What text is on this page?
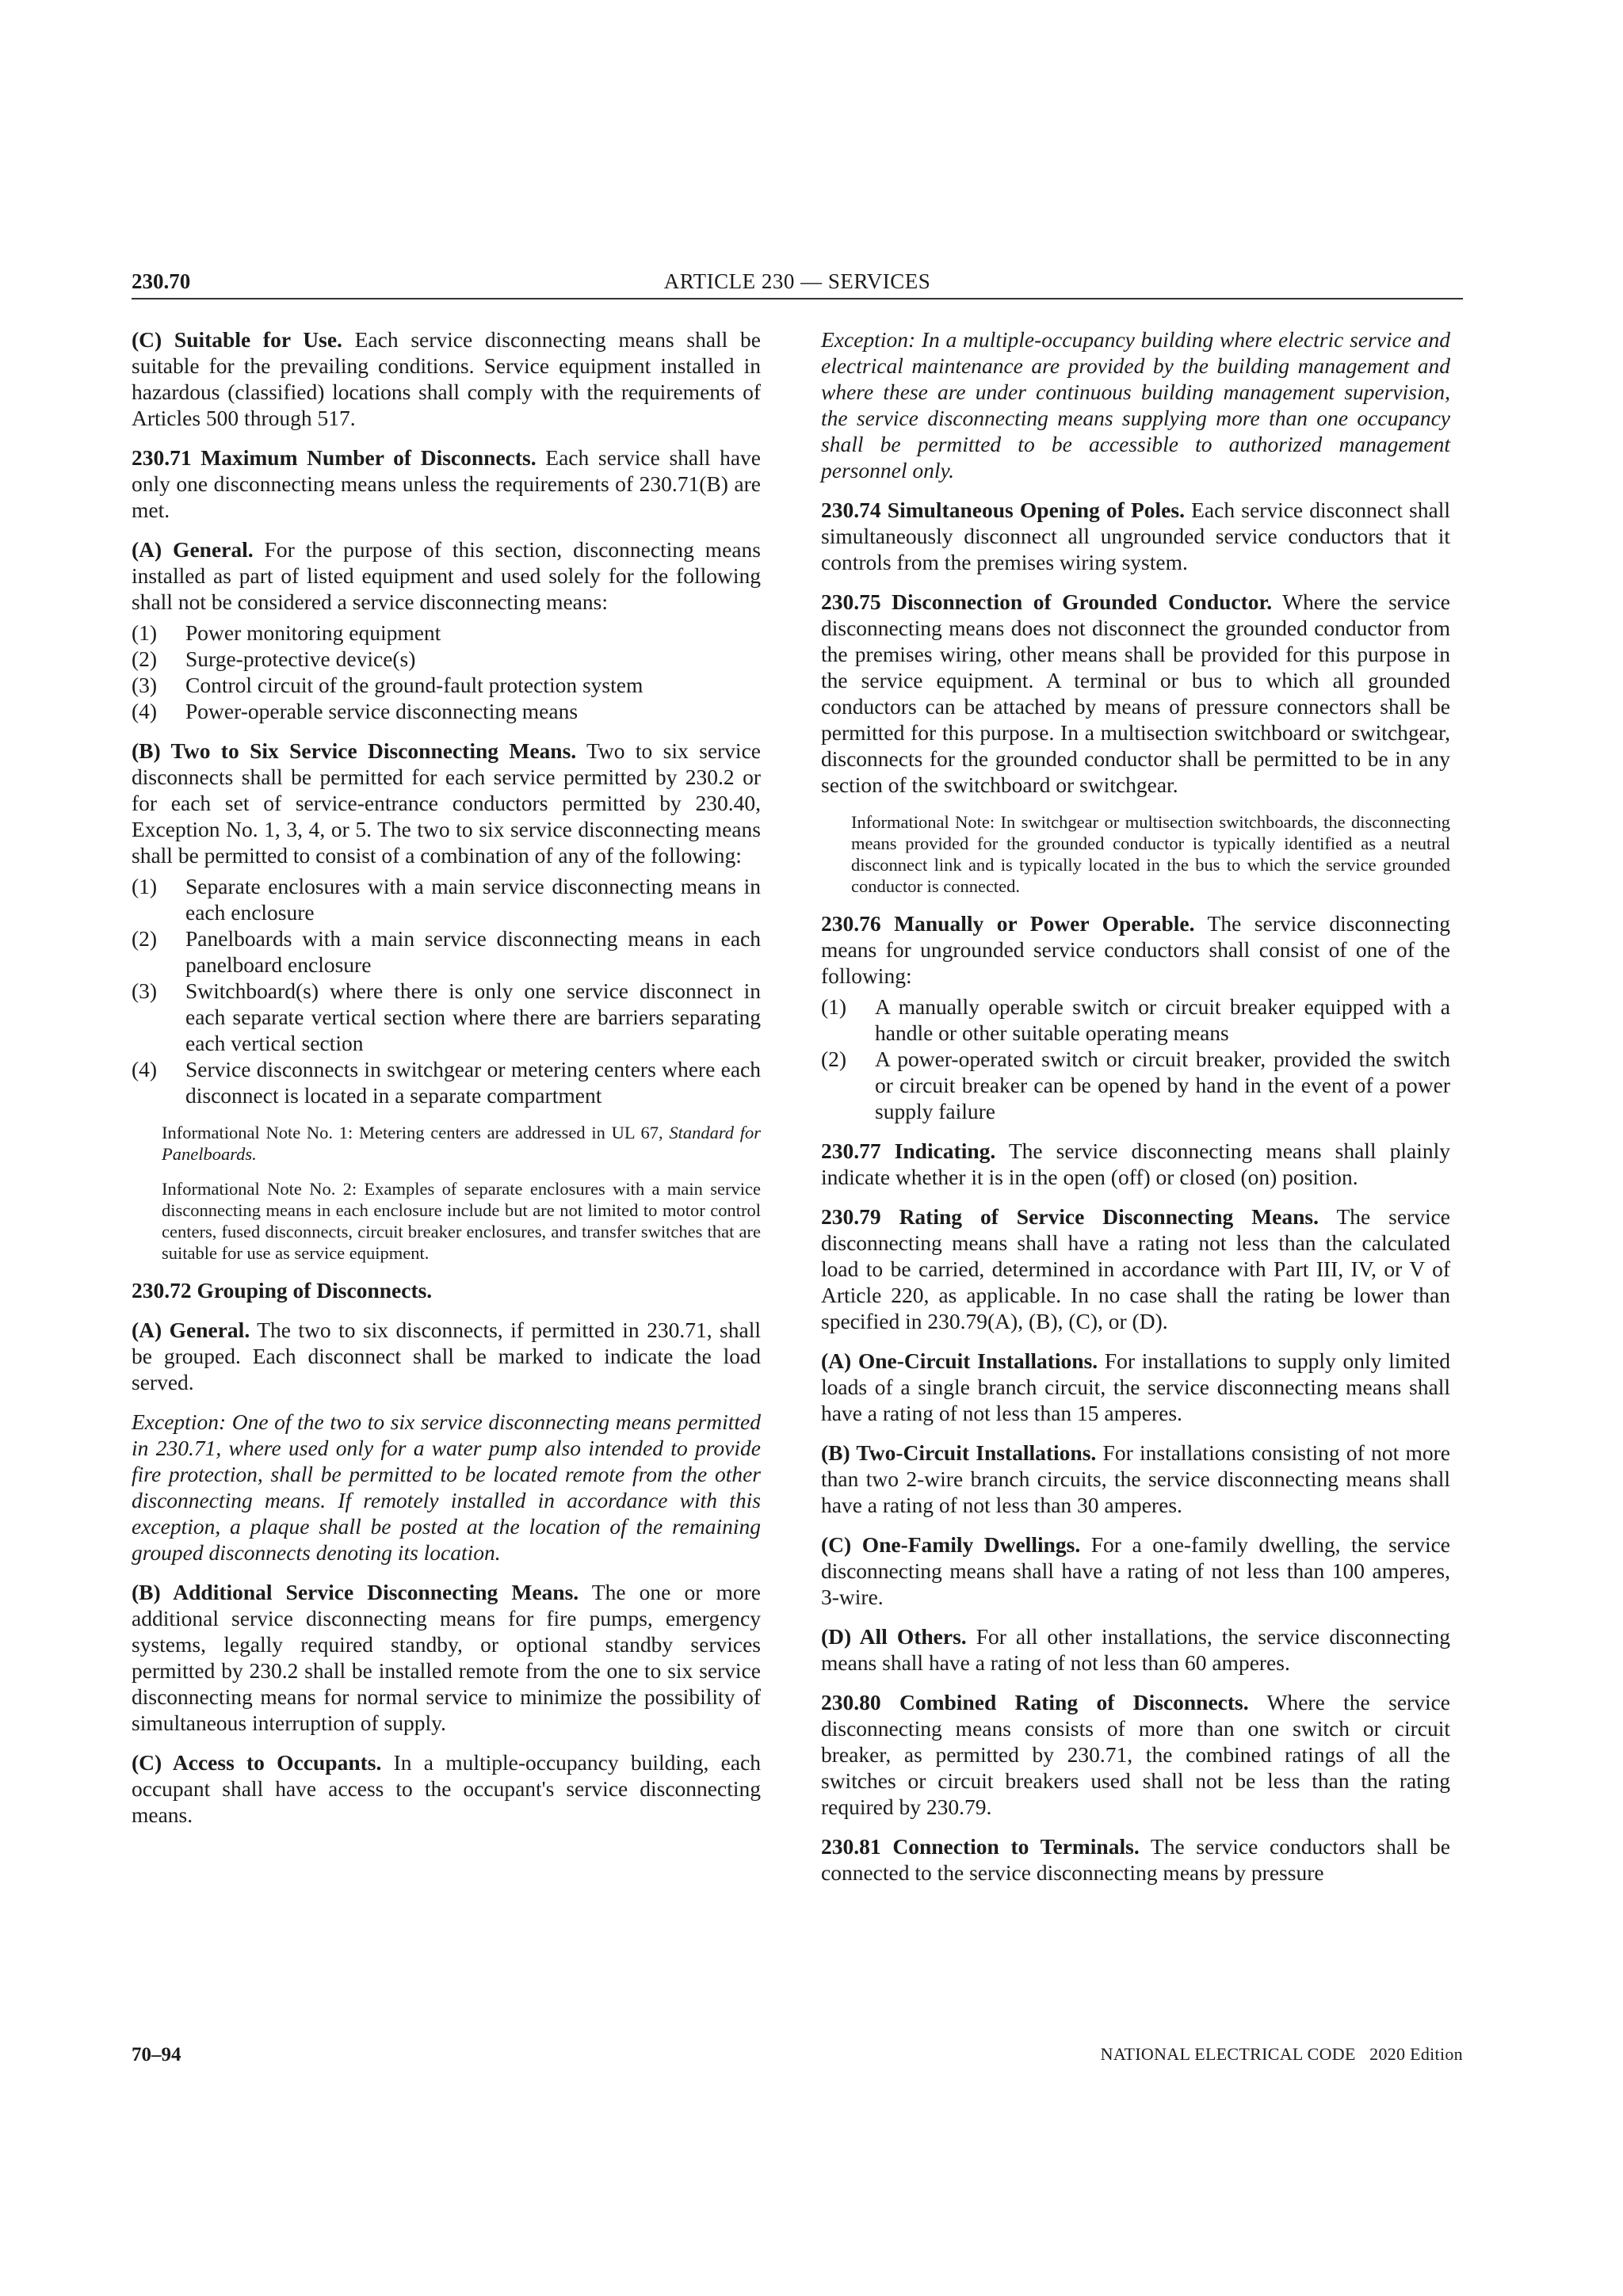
230.70	ARTICLE 230 — SERVICES

(C) Suitable for Use. Each service disconnecting means shall be suitable for the prevailing conditions. Service equipment installed in hazardous (classified) locations shall comply with the requirements of Articles 500 through 517.

230.71 Maximum Number of Disconnects. Each service shall have only one disconnecting means unless the requirements of 230.71(B) are met.

(A) General. For the purpose of this section, disconnecting means installed as part of listed equipment and used solely for the following shall not be considered a service disconnecting means:

(1)	Power monitoring equipment
(2)	Surge-protective device(s)
(3)	Control circuit of the ground-fault protection system
(4)	Power-operable service disconnecting means

(B) Two to Six Service Disconnecting Means. Two to six service disconnects shall be permitted for each service permitted by 230.2 or for each set of service-entrance conductors permitted by 230.40, Exception No. 1, 3, 4, or 5. The two to six service disconnecting means shall be permitted to consist of a combination of any of the following:

(1)	Separate enclosures with a main service disconnecting means in each enclosure
(2)	Panelboards with a main service disconnecting means in each panelboard enclosure
(3)	Switchboard(s) where there is only one service disconnect in each separate vertical section where there are barriers separating each vertical section
(4)	Service disconnects in switchgear or metering centers where each disconnect is located in a separate compartment

Informational Note No. 1: Metering centers are addressed in UL 67, Standard for Panelboards.

Informational Note No. 2: Examples of separate enclosures with a main service disconnecting means in each enclosure include but are not limited to motor control centers, fused disconnects, circuit breaker enclosures, and transfer switches that are suitable for use as service equipment.

230.72 Grouping of Disconnects.

(A) General. The two to six disconnects, if permitted in 230.71, shall be grouped. Each disconnect shall be marked to indicate the load served.

Exception: One of the two to six service disconnecting means permitted in 230.71, where used only for a water pump also intended to provide fire protection, shall be permitted to be located remote from the other disconnecting means. If remotely installed in accordance with this exception, a plaque shall be posted at the location of the remaining grouped disconnects denoting its location.

(B) Additional Service Disconnecting Means. The one or more additional service disconnecting means for fire pumps, emergency systems, legally required standby, or optional standby services permitted by 230.2 shall be installed remote from the one to six service disconnecting means for normal service to minimize the possibility of simultaneous interruption of supply.

(C) Access to Occupants. In a multiple-occupancy building, each occupant shall have access to the occupant's service disconnecting means.

Exception: In a multiple-occupancy building where electric service and electrical maintenance are provided by the building management and where these are under continuous building management supervision, the service disconnecting means supplying more than one occupancy shall be permitted to be accessible to authorized management personnel only.

230.74 Simultaneous Opening of Poles. Each service disconnect shall simultaneously disconnect all ungrounded service conductors that it controls from the premises wiring system.

230.75 Disconnection of Grounded Conductor. Where the service disconnecting means does not disconnect the grounded conductor from the premises wiring, other means shall be provided for this purpose in the service equipment. A terminal or bus to which all grounded conductors can be attached by means of pressure connectors shall be permitted for this purpose. In a multisection switchboard or switchgear, disconnects for the grounded conductor shall be permitted to be in any section of the switchboard or switchgear.

Informational Note: In switchgear or multisection switchboards, the disconnecting means provided for the grounded conductor is typically identified as a neutral disconnect link and is typically located in the bus to which the service grounded conductor is connected.

230.76 Manually or Power Operable. The service disconnecting means for ungrounded service conductors shall consist of one of the following:

(1)	A manually operable switch or circuit breaker equipped with a handle or other suitable operating means
(2)	A power-operated switch or circuit breaker, provided the switch or circuit breaker can be opened by hand in the event of a power supply failure

230.77 Indicating. The service disconnecting means shall plainly indicate whether it is in the open (off) or closed (on) position.

230.79 Rating of Service Disconnecting Means. The service disconnecting means shall have a rating not less than the calculated load to be carried, determined in accordance with Part III, IV, or V of Article 220, as applicable. In no case shall the rating be lower than specified in 230.79(A), (B), (C), or (D).

(A) One-Circuit Installations. For installations to supply only limited loads of a single branch circuit, the service disconnecting means shall have a rating of not less than 15 amperes.

(B) Two-Circuit Installations. For installations consisting of not more than two 2-wire branch circuits, the service disconnecting means shall have a rating of not less than 30 amperes.

(C) One-Family Dwellings. For a one-family dwelling, the service disconnecting means shall have a rating of not less than 100 amperes, 3-wire.

(D) All Others. For all other installations, the service disconnecting means shall have a rating of not less than 60 amperes.

230.80 Combined Rating of Disconnects. Where the service disconnecting means consists of more than one switch or circuit breaker, as permitted by 230.71, the combined ratings of all the switches or circuit breakers used shall not be less than the rating required by 230.79.

230.81 Connection to Terminals. The service conductors shall be connected to the service disconnecting means by pressure

70–94	NATIONAL ELECTRICAL CODE   2020 Edition
